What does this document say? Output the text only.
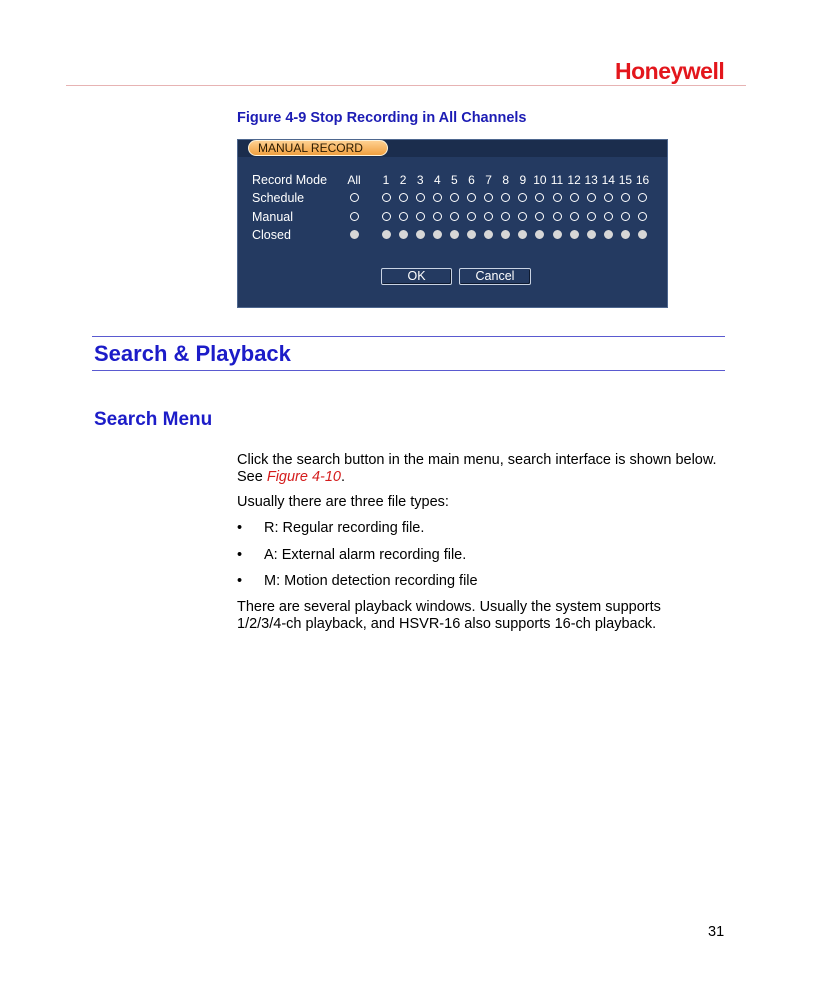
Honeywell
Figure 4-9 Stop Recording in All Channels
MANUAL RECORD
Record Mode All	1 2 3 4 5 6 7 8 9 10 11 12 13 14 15 16
Schedule
Manual
Closed
OK	Cancel
Search & Playback
Search Menu
Click the search button in the main menu, search interface is shown below.
See Figure 4-10.
Usually there are three file types:
• R: Regular recording file.
• A: External alarm recording file.
• M: Motion detection recording file
There are several playback windows. Usually the system supports
1/2/3/4-ch playback, and HSVR-16 also supports 16-ch playback.
31
